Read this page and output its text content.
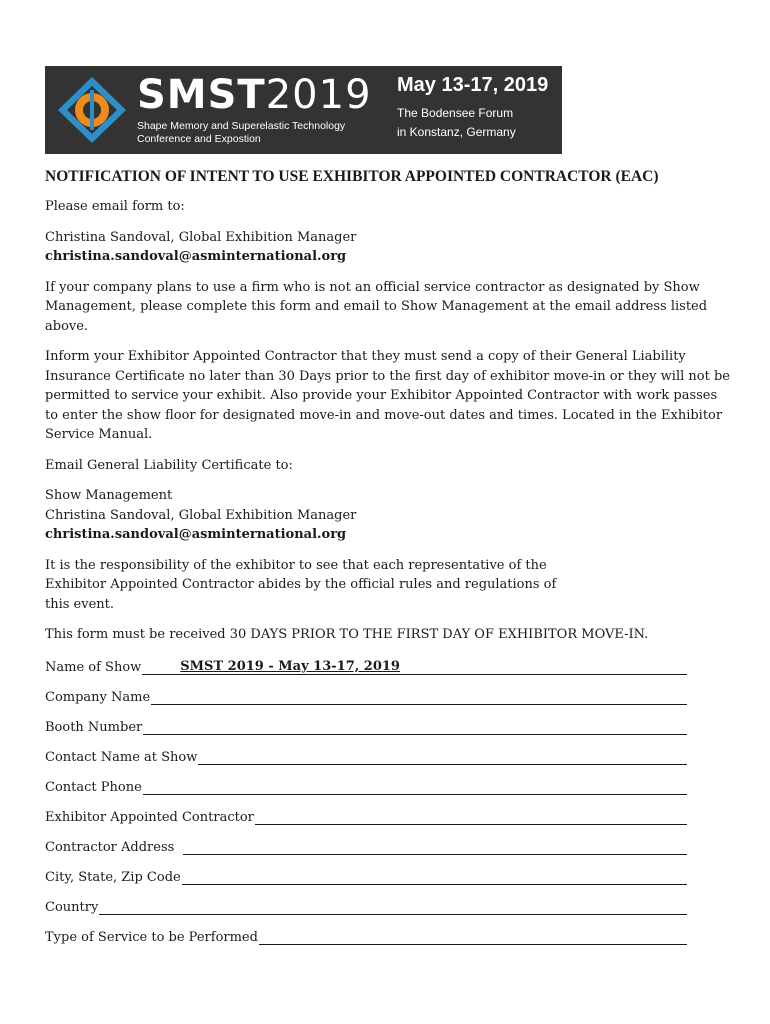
SMST2019
Shape Memory and Superelastic Technology
Conference and Expostion
May 13-17, 2019
The Bodensee Forum
in Konstanz, Germany
NOTIFICATION OF INTENT TO USE EXHIBITOR APPOINTED CONTRACTOR (EAC)

Please email form to:

Christina Sandoval, Global Exhibition Manager
christina.sandoval@asminternational.org

If your company plans to use a firm who is not an official service contractor as designated by Show Management, please complete this form and email to Show Management at the email address listed above.

Inform your Exhibitor Appointed Contractor that they must send a copy of their General Liability Insurance Certificate no later than 30 Days prior to the first day of exhibitor move-in or they will not be permitted to service your exhibit. Also provide your Exhibitor Appointed Contractor with work passes to enter the show floor for designated move-in and move-out dates and times. Located in the Exhibitor Service Manual.

Email General Liability Certificate to:

Show Management
Christina Sandoval, Global Exhibition Manager
christina.sandoval@asminternational.org

It is the responsibility of the exhibitor to see that each representative of the Exhibitor Appointed Contractor abides by the official rules and regulations of this event.

This form must be received 30 DAYS PRIOR TO THE FIRST DAY OF EXHIBITOR MOVE-IN.

Name of Show	SMST 2019 - May 13-17, 2019
Company Name
Booth Number
Contact Name at Show
Contact Phone
Exhibitor Appointed Contractor
Contractor Address
City, State, Zip Code
Country
Type of Service to be Performed
